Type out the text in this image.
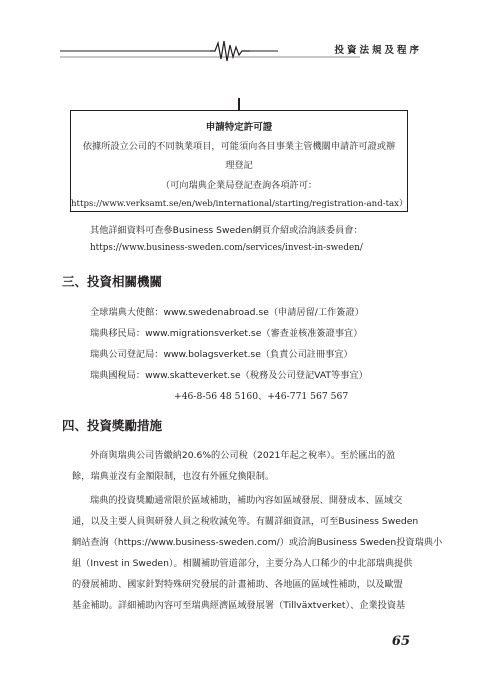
投資法規及程序
申請特定許可證
依據所設立公司的不同執業項目，可能須向各目事業主管機關申請許可證或辦
理登記
（可向瑞典企業局登記查詢各項許可：
https://www.verksamt.se/en/web/international/starting/registration-and-tax）
其他詳細資料可查參Business Sweden網頁介紹或洽詢該委員會：
https://www.business-sweden.com/services/invest-in-sweden/
三、投資相關機關
全球瑞典大使館：www.swedenabroad.se（申請居留/工作簽證）
瑞典移民局：www.migrationsverket.se（審查並核准簽證事宜）
瑞典公司登記局：www.bolagsverket.se（負責公司註冊事宜）
瑞典國稅局：www.skatteverket.se（稅務及公司登記VAT等事宜）
+46-8-56 48 5160、+46-771 567 567
四、投資獎勵措施
外商與瑞典公司皆繳納20.6%的公司稅（2021年起之稅率）。至於匯出的盈
餘，瑞典並沒有金額限制，也沒有外匯兌換限制。
瑞典的投資獎勵通常限於區域補助，補助內容如區域發展、開發成本、區域交
通，以及主要人員與研發人員之稅收減免等。有關詳細資訊，可至Business Sweden
網站查詢（https://www.business-sweden.com/）或洽詢Business Sweden投資瑞典小
組（Invest in Sweden）。相關補助管道部分，主要分為人口稀少的中北部瑞典提供
的發展補助、國家針對特殊研究發展的計畫補助、各地區的區域性補助，以及歐盟
基金補助。詳細補助內容可至瑞典經濟區域發展署（Tillväxtverket）、企業投資基
65
